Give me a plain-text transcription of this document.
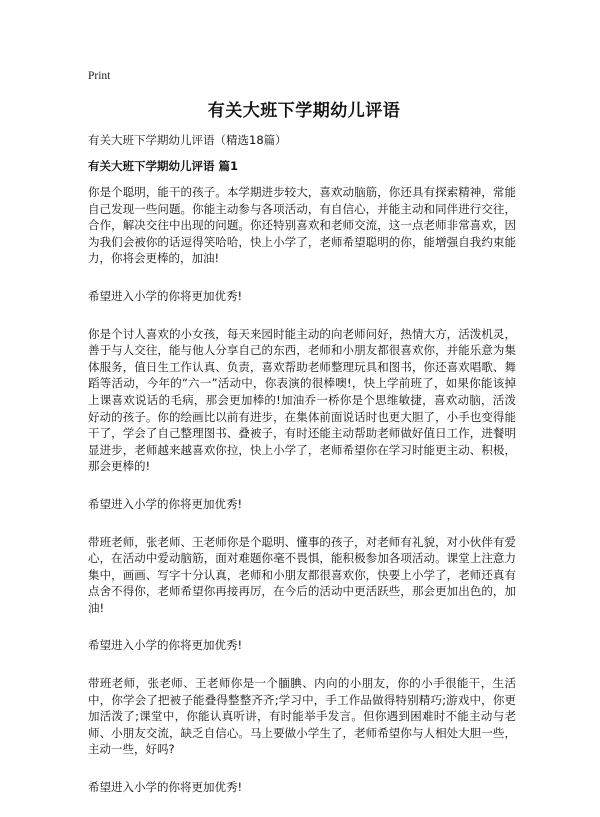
Print
有关大班下学期幼儿评语
有关大班下学期幼儿评语（精选18篇）
有关大班下学期幼儿评语 篇1

你是个聪明，能干的孩子。本学期进步较大，喜欢动脑筋，你还具有探索精神，常能自己发现一些问题。你能主动参与各项活动，有自信心，并能主动和同伴进行交往，合作，解决交往中出现的问题。你还特别喜欢和老师交流，这一点老师非常喜欢，因为我们会被你的话逗得笑哈哈，快上小学了，老师希望聪明的你，能增强自我约束能力，你将会更棒的，加油!

希望进入小学的你将更加优秀!

你是个讨人喜欢的小女孩，每天来园时能主动的向老师问好，热情大方，活泼机灵，善于与人交往，能与他人分享自己的东西，老师和小朋友都很喜欢你，并能乐意为集体服务，值日生工作认真、负责，喜欢帮助老师整理玩具和图书，你还喜欢唱歌、舞蹈等活动，今年的“六一”活动中，你表演的很棒噢!，快上学前班了，如果你能该掉上课喜欢说话的毛病，那会更加棒的!加油乔一桥你是个思维敏捷，喜欢动脑，活泼好动的孩子。你的绘画比以前有进步，在集体前面说话时也更大胆了，小手也变得能干了，学会了自己整理图书、叠被子，有时还能主动帮助老师做好值日工作，进餐明显进步，老师越来越喜欢你拉，快上小学了，老师希望你在学习时能更主动、积极，那会更棒的!

希望进入小学的你将更加优秀!

带班老师，张老师、王老师你是个聪明、懂事的孩子，对老师有礼貌，对小伙伴有爱心，在活动中爱动脑筋，面对难题你毫不畏惧，能积极参加各项活动。课堂上注意力集中，画画、写字十分认真，老师和小朋友都很喜欢你，快要上小学了，老师还真有点舍不得你，老师希望你再接再厉，在今后的活动中更活跃些，那会更加出色的，加油!

希望进入小学的你将更加优秀!

带班老师，张老师、王老师你是一个腼腆、内向的小朋友，你的小手很能干，生活中，你学会了把被子能叠得整整齐齐;学习中，手工作品做得特别精巧;游戏中，你更加活泼了;课堂中，你能认真听讲，有时能举手发言。但你遇到困难时不能主动与老师、小朋友交流，缺乏自信心。马上要做小学生了，老师希望你与人相处大胆一些，主动一些，好吗?

希望进入小学的你将更加优秀!
